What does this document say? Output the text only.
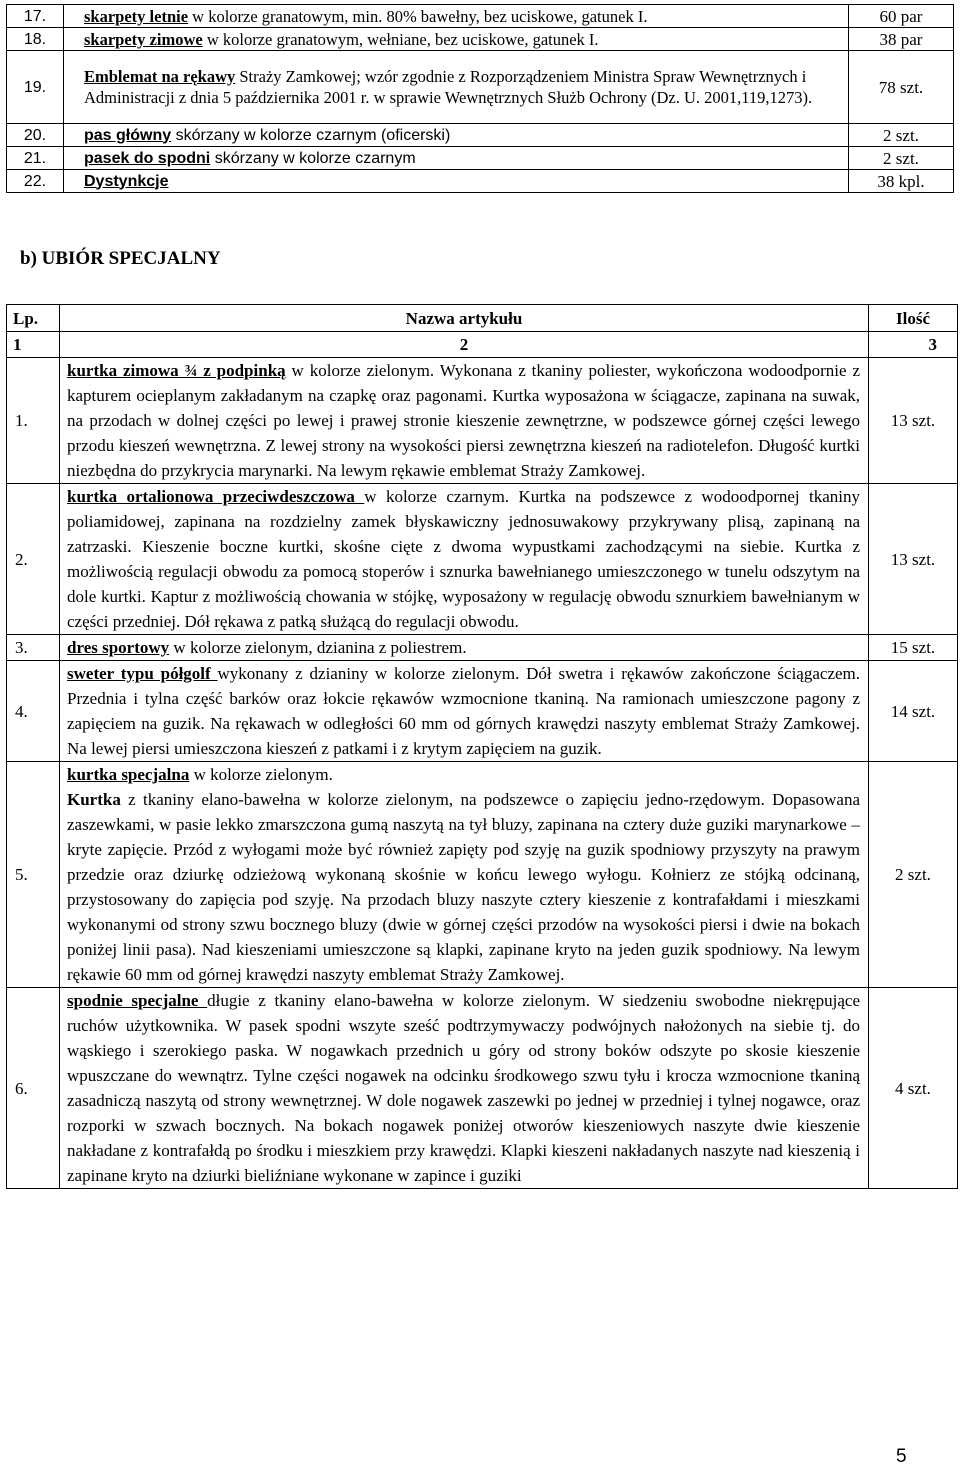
17.	skarpety letnie w kolorze granatowym, min. 80% bawełny, bez uciskowe, gatunek I.	60 par
18.	skarpety zimowe w kolorze granatowym, wełniane, bez uciskowe, gatunek I.	38 par
19.	Emblemat na rękawy Straży Zamkowej; wzór zgodnie z Rozporządzeniem Ministra Spraw Wewnętrznych i Administracji z dnia 5 października 2001 r. w sprawie Wewnętrznych Służb Ochrony (Dz. U. 2001,119,1273).	78 szt.
20.	pas główny skórzany w kolorze czarnym (oficerski)	2 szt.
21.	pasek do spodni skórzany w kolorze czarnym	2 szt.
22.	Dystynkcje	38 kpl.
b) UBIÓR SPECJALNY
Lp.	Nazwa artykułu	Ilość
1	2	3
1.	kurtka zimowa ¾ z podpinką w kolorze zielonym. Wykonana z tkaniny poliester, wykończona wodoodpornie z kapturem ocieplanym zakładanym na czapkę oraz pagonami. Kurtka wyposażona w ściągacze, zapinana na suwak, na przodach w dolnej części po lewej i prawej stronie kieszenie zewnętrzne, w podszewce górnej części lewego przodu kieszeń wewnętrzna. Z lewej strony na wysokości piersi zewnętrzna kieszeń na radiotelefon. Długość kurtki niezbędna do przykrycia marynarki. Na lewym rękawie emblemat Straży Zamkowej.	13 szt.
2.	kurtka ortalionowa przeciwdeszczowa w kolorze czarnym. Kurtka na podszewce z wodoodpornej tkaniny poliamidowej, zapinana na rozdzielny zamek błyskawiczny jednosuwakowy przykrywany plisą, zapinaną na zatrzaski. Kieszenie boczne kurtki, skośne cięte z dwoma wypustkami zachodzącymi na siebie. Kurtka z możliwością regulacji obwodu za pomocą stoperów i sznurka bawełnianego umieszczonego w tunelu odszytym na dole kurtki. Kaptur z możliwością chowania w stójkę, wyposażony w regulację obwodu sznurkiem bawełnianym w części przedniej. Dół rękawa z patką służącą do regulacji obwodu.	13 szt.
3.	dres sportowy w kolorze zielonym, dzianina z poliestrem.	15 szt.
4.	sweter typu półgolf wykonany z dzianiny w kolorze zielonym. Dół swetra i rękawów zakończone ściągaczem. Przednia i tylna część barków oraz łokcie rękawów wzmocnione tkaniną. Na ramionach umieszczone pagony z zapięciem na guzik. Na rękawach w odległości 60 mm od górnych krawędzi naszyty emblemat Straży Zamkowej. Na lewej piersi umieszczona kieszeń z patkami i z krytym zapięciem na guzik.	14 szt.
5.	kurtka specjalna w kolorze zielonym.
Kurtka z tkaniny elano-bawełna w kolorze zielonym, na podszewce o zapięciu jedno-rzędowym. Dopasowana zaszewkami, w pasie lekko zmarszczona gumą naszytą na tył bluzy, zapinana na cztery duże guziki marynarkowe – kryte zapięcie. Przód z wyłogami może być również zapięty pod szyję na guzik spodniowy przyszyty na prawym przedzie oraz dziurkę odzieżową wykonaną skośnie w końcu lewego wyłogu. Kołnierz ze stójką odcinaną, przystosowany do zapięcia pod szyję. Na przodach bluzy naszyte cztery kieszenie z kontrafałdami i mieszkami wykonanymi od strony szwu bocznego bluzy (dwie w górnej części przodów na wysokości piersi i dwie na bokach poniżej linii pasa). Nad kieszeniami umieszczone są klapki, zapinane kryto na jeden guzik spodniowy. Na lewym rękawie 60 mm od górnej krawędzi naszyty emblemat Straży Zamkowej.	2 szt.
6.	spodnie specjalne długie z tkaniny elano-bawełna w kolorze zielonym. W siedzeniu swobodne niekrępujące ruchów użytkownika. W pasek spodni wszyte sześć podtrzymywaczy podwójnych nałożonych na siebie tj. do wąskiego i szerokiego paska. W nogawkach przednich u góry od strony boków odszyte po skosie kieszenie wpuszczane do wewnątrz. Tylne części nogawek na odcinku środkowego szwu tyłu i krocza wzmocnione tkaniną zasadniczą naszytą od strony wewnętrznej. W dole nogawek zaszewki po jednej w przedniej i tylnej nogawce, oraz rozporki w szwach bocznych. Na bokach nogawek poniżej otworów kieszeniowych naszyte dwie kieszenie nakładane z kontrafałdą po środku i mieszkiem przy krawędzi. Klapki kieszeni nakładanych naszyte nad kieszenią i zapinane kryto na dziurki bieliźniane wykonane w zapince i guziki	4 szt.
5
